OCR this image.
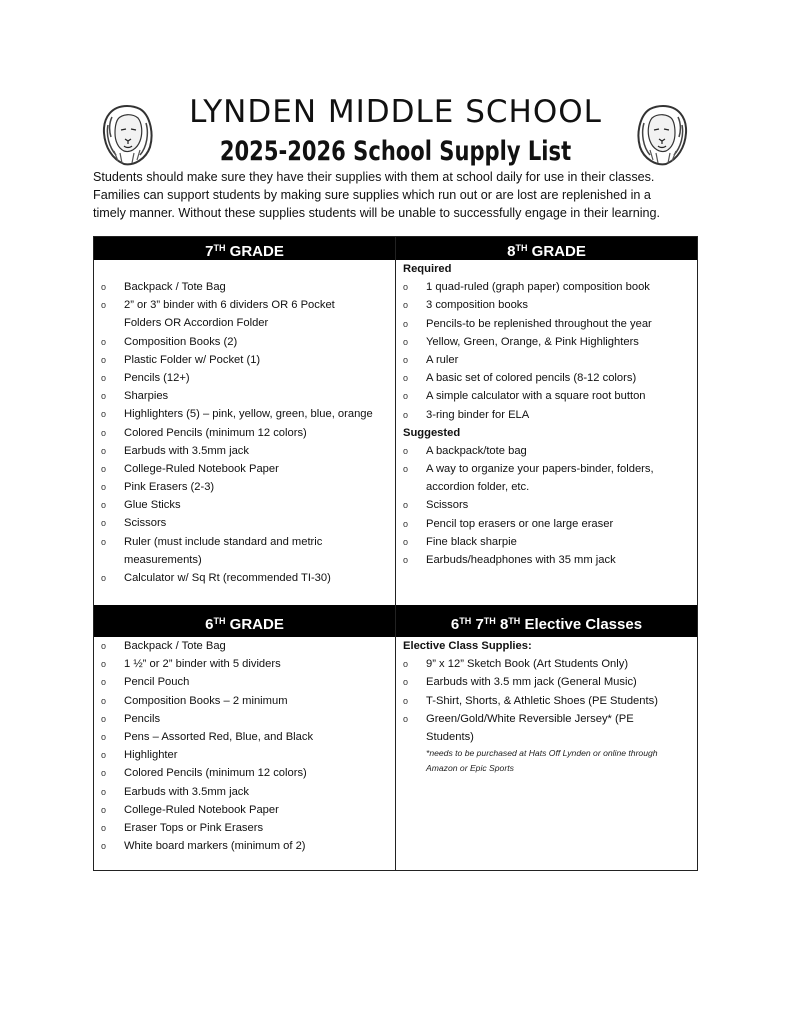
LYNDEN MIDDLE SCHOOL
2025-2026 School Supply List

Students should make sure they have their supplies with them at school daily for use in their classes.

Families can support students by making sure supplies which run out or are lost are replenished in a

timely manner. Without these supplies students will be unable to successfully engage in their learning.

7TH GRADE
o Backpack / Tote Bag
o 2” or 3” binder with 6 dividers OR 6 Pocket
Folders OR Accordion Folder
o Composition Books (2)
o Plastic Folder w/ Pocket (1)
o Pencils (12+)
o Sharpies
o Highlighters (5) – pink, yellow, green, blue, orange
o Colored Pencils (minimum 12 colors)
o Earbuds with 3.5mm jack
o College-Ruled Notebook Paper
o Pink Erasers (2-3)
o Glue Sticks
o Scissors
o Ruler (must include standard and metric
measurements)
o Calculator w/ Sq Rt (recommended TI-30)
8TH GRADE
Required
o 1 quad-ruled (graph paper) composition book
o 3 composition books
o Pencils-to be replenished throughout the year
o Yellow, Green, Orange, & Pink Highlighters
o A ruler
o A basic set of colored pencils (8-12 colors)
o A simple calculator with a square root button
o 3-ring binder for ELA
Suggested
o A backpack/tote bag
o A way to organize your papers-binder, folders,
accordion folder, etc.
o Scissors
o Pencil top erasers or one large eraser
o Fine black sharpie
o Earbuds/headphones with 35 mm jack
6TH GRADE
o Backpack / Tote Bag
o 1 ½” or 2” binder with 5 dividers
o Pencil Pouch
o Composition Books – 2 minimum
o Pencils
o Pens – Assorted Red, Blue, and Black
o Highlighter
o Colored Pencils (minimum 12 colors)
o Earbuds with 3.5mm jack
o College-Ruled Notebook Paper
o Eraser Tops or Pink Erasers
o White board markers (minimum of 2)
6TH 7TH 8TH Elective Classes
Elective Class Supplies:
o 9” x 12” Sketch Book (Art Students Only)
o Earbuds with 3.5 mm jack (General Music)
o T-Shirt, Shorts, & Athletic Shoes (PE Students)
o Green/Gold/White Reversible Jersey* (PE
Students)
*needs to be purchased at Hats Off Lynden or online through
Amazon or Epic Sports
